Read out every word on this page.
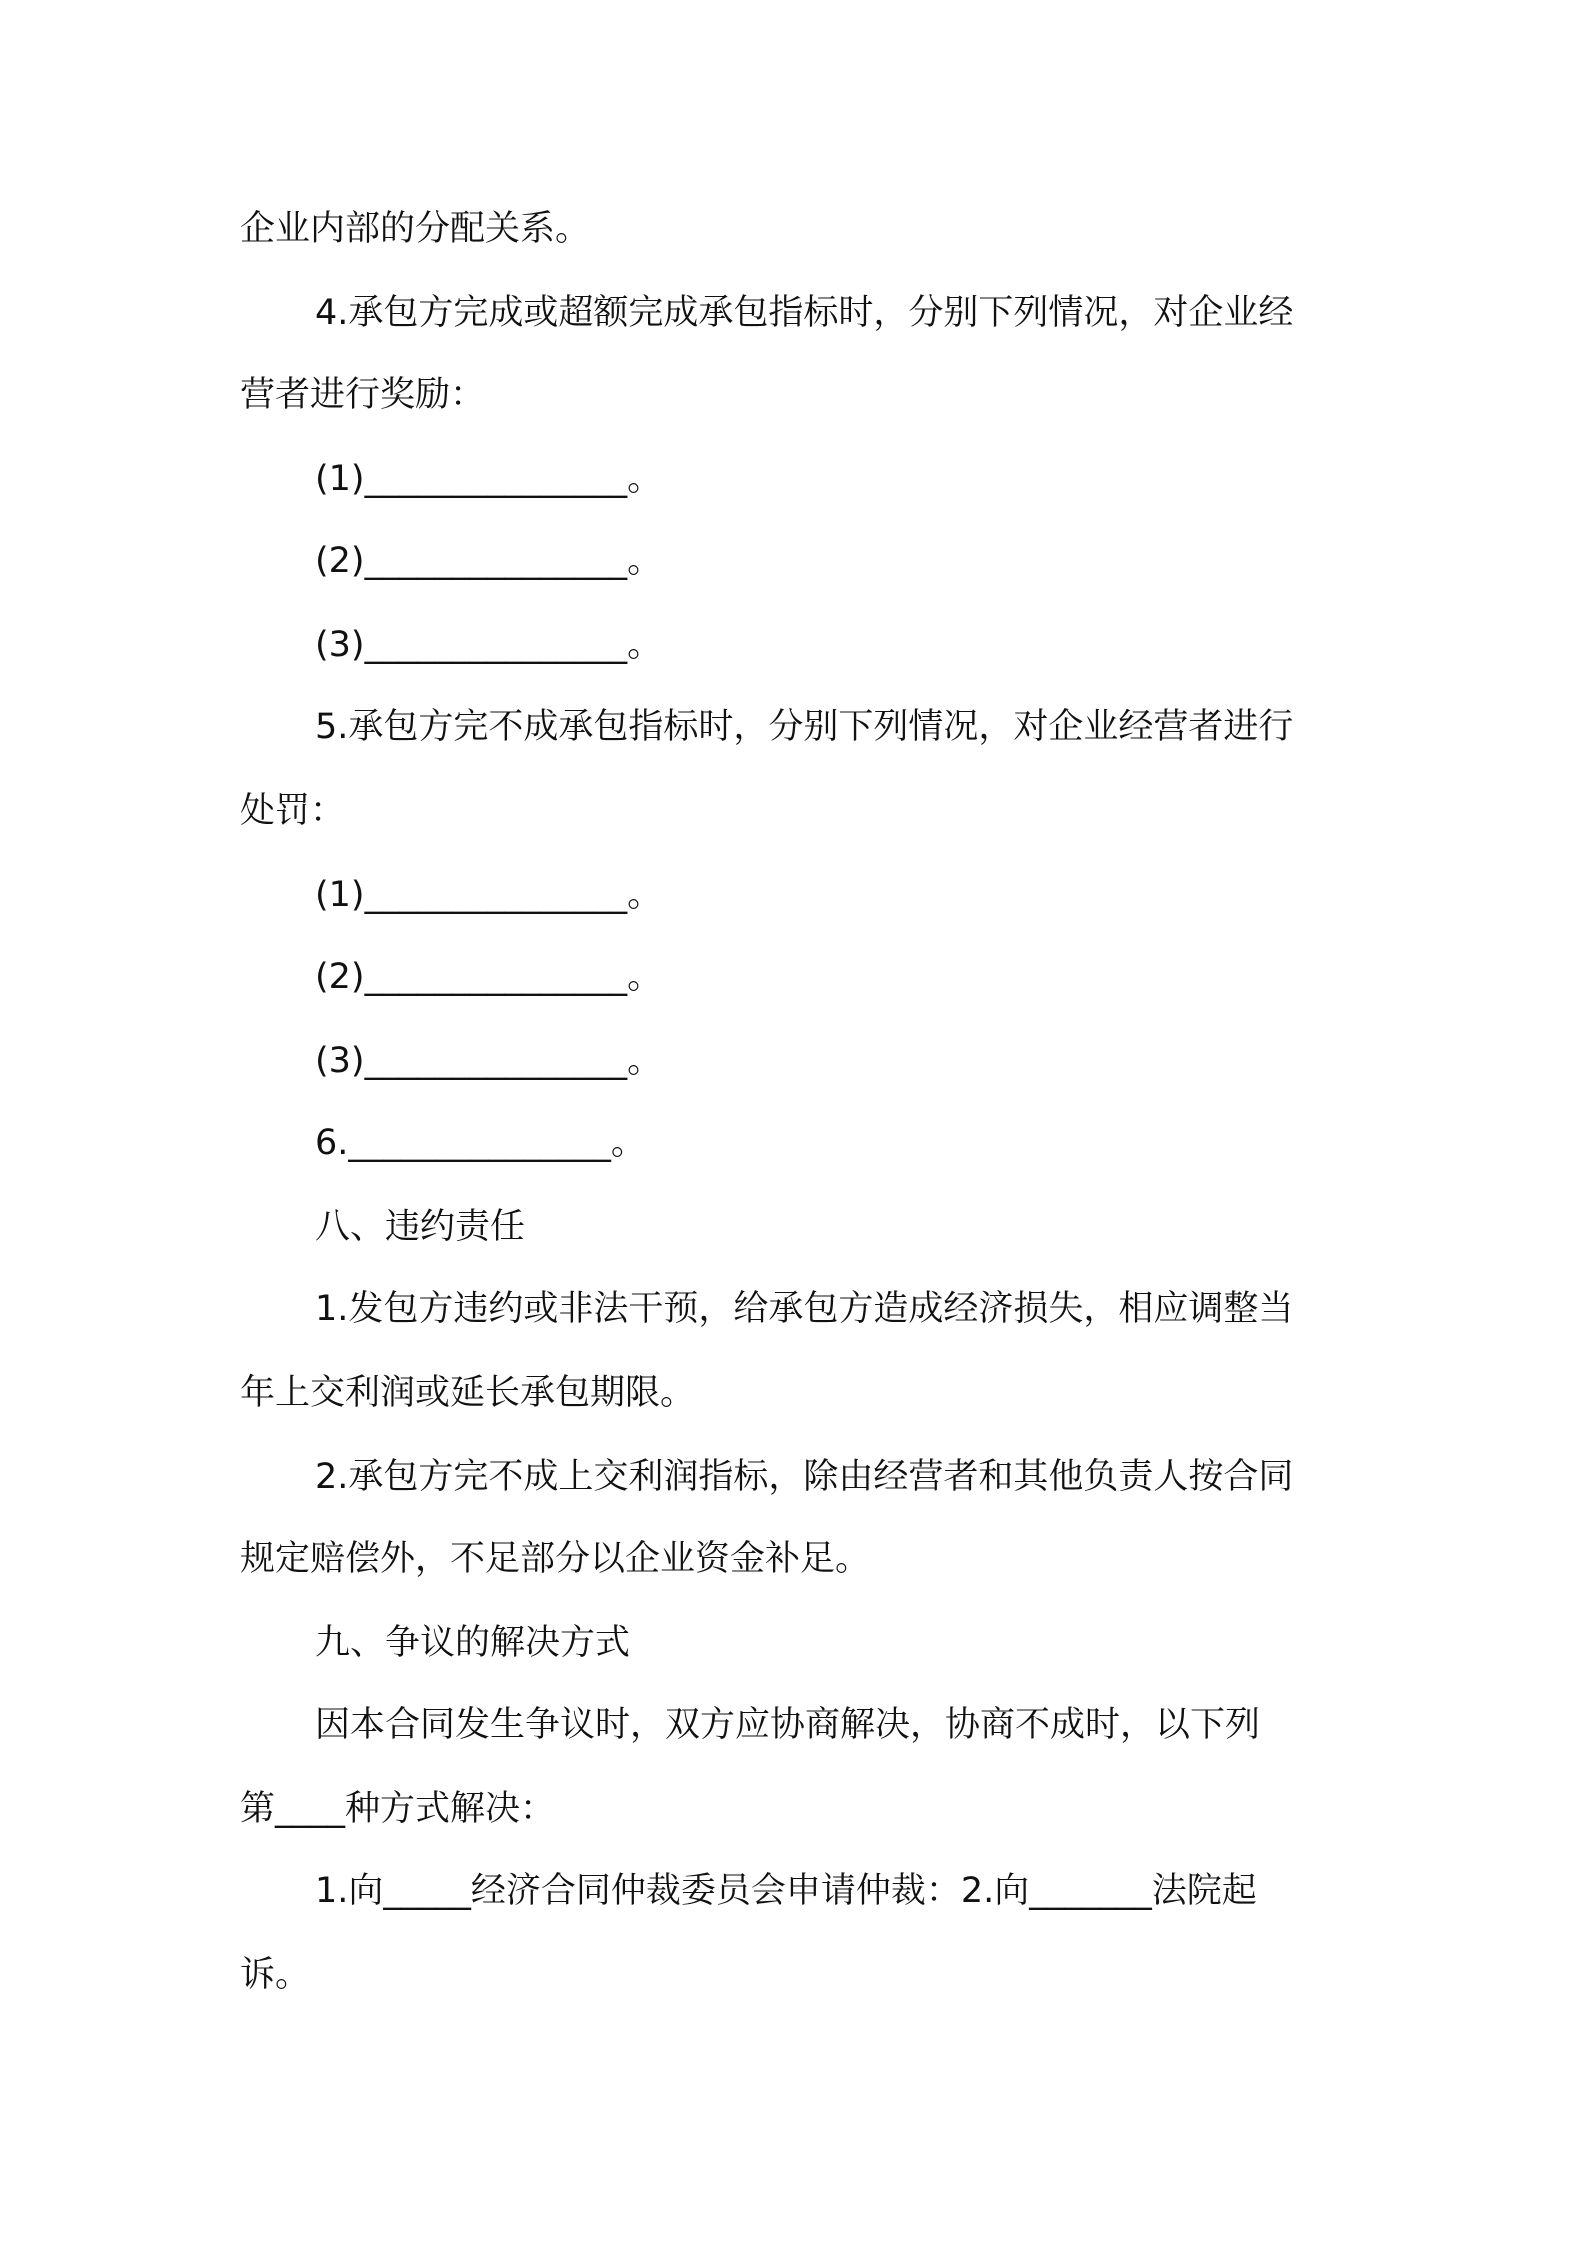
企业内部的分配关系。
4.承包方完成或超额完成承包指标时，分别下列情况，对企业经
营者进行奖励：
(1)_______________。
(2)_______________。
(3)_______________。
5.承包方完不成承包指标时，分别下列情况，对企业经营者进行
处罚：
(1)_______________。
(2)_______________。
(3)_______________。
6._______________。
八、违约责任
1.发包方违约或非法干预，给承包方造成经济损失，相应调整当
年上交利润或延长承包期限。
2.承包方完不成上交利润指标，除由经营者和其他负责人按合同
规定赔偿外，不足部分以企业资金补足。
九、争议的解决方式
因本合同发生争议时，双方应协商解决，协商不成时，以下列
第____种方式解决：
1.向_____经济合同仲裁委员会申请仲裁：2.向_______法院起
诉。
